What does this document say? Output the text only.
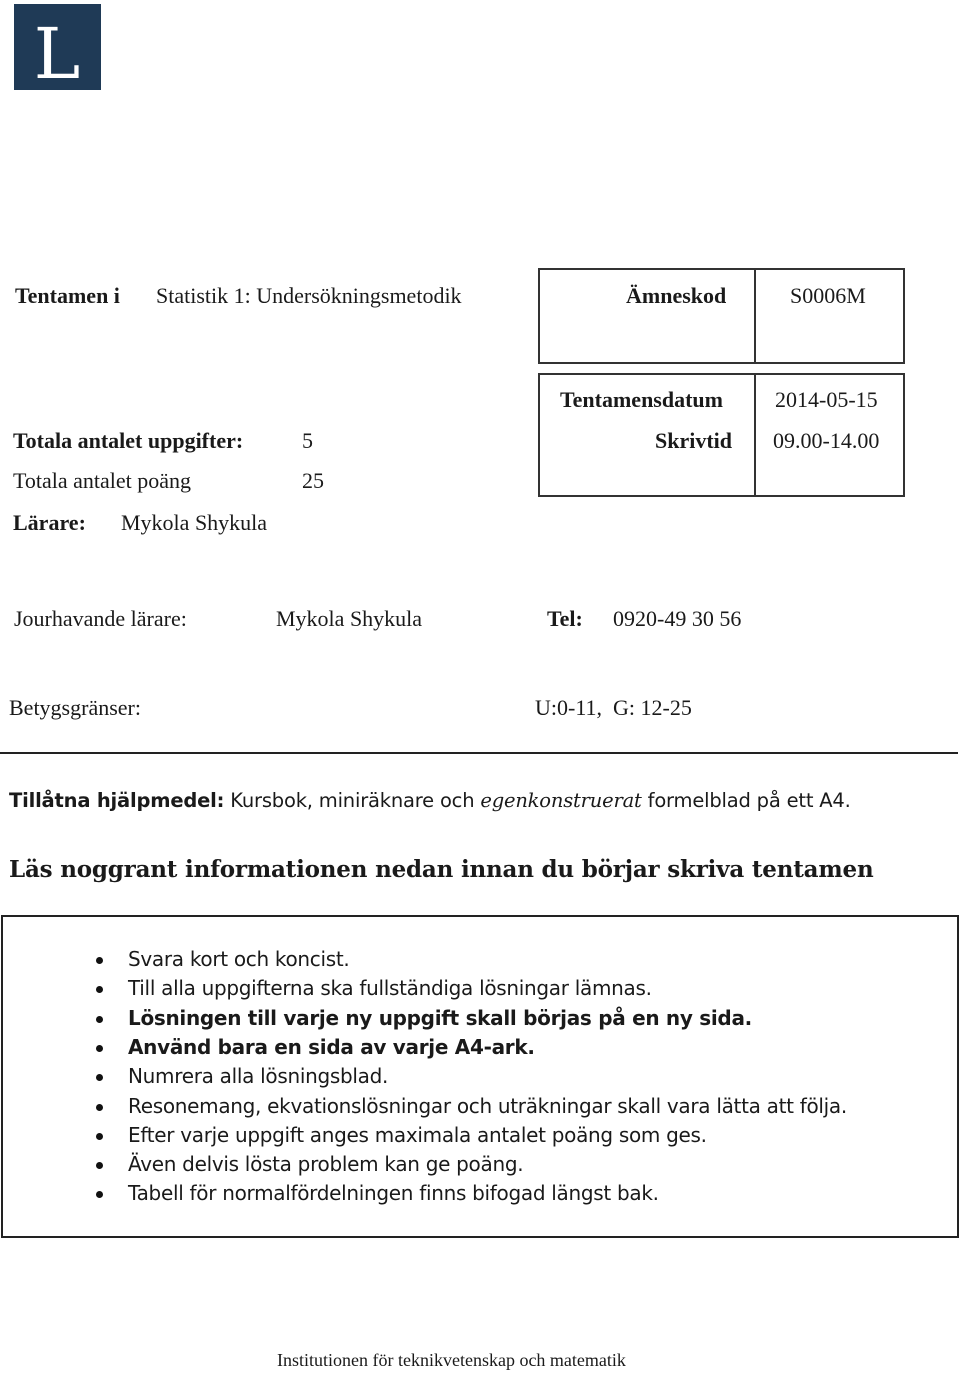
L
Tentamen i Statistik 1: Undersökningsmetodik	Ämneskod	S0006M
Tentamensdatum 2014-05-15
Skrivtid 09.00-14.00
Totala antalet uppgifter:	5
Totala antalet poäng	25
Lärare: Mykola Shykula
Jourhavande lärare:	Mykola Shykula	Tel: 0920-49 30 56
Betygsgränser:	U:0-11,  G: 12-25
Tillåtna hjälpmedel: Kursbok, miniräknare och egenkonstruerat formelblad på ett A4.
Läs noggrant informationen nedan innan du börjar skriva tentamen
Svara kort och koncist.
Till alla uppgifterna ska fullständiga lösningar lämnas.
Lösningen till varje ny uppgift skall börjas på en ny sida.
Använd bara en sida av varje A4-ark.
Numrera alla lösningsblad.
Resonemang, ekvationslösningar och uträkningar skall vara lätta att följa.
Efter varje uppgift anges maximala antalet poäng som ges.
Även delvis lösta problem kan ge poäng.
Tabell för normalfördelningen finns bifogad längst bak.
Institutionen för teknikvetenskap och matematik
